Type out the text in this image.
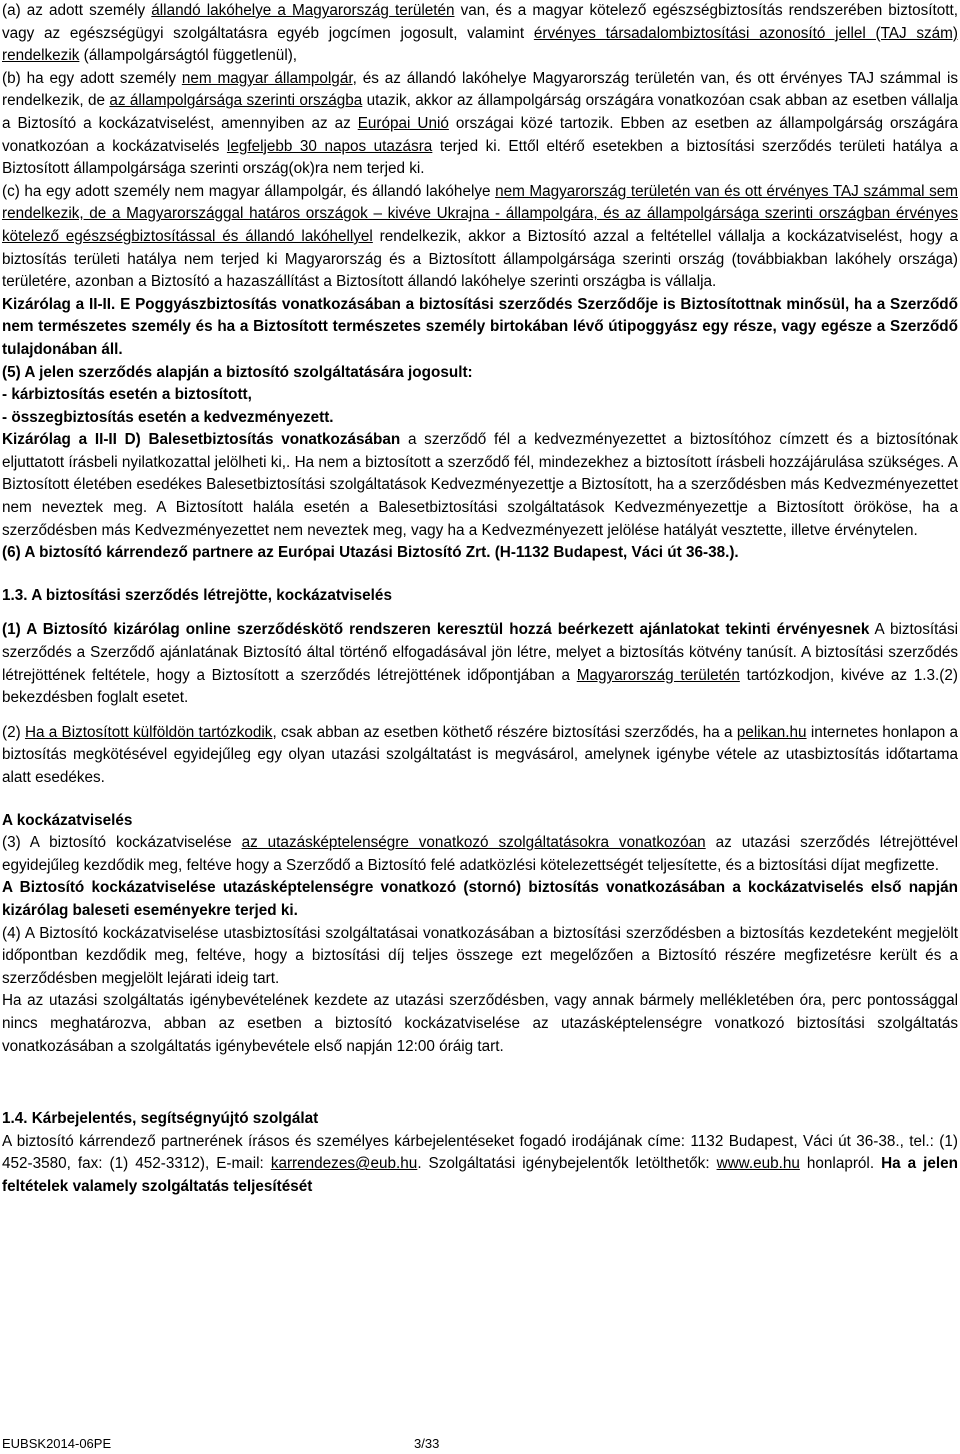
(a) az adott személy állandó lakóhelye a Magyarország területén van, és a magyar kötelező egészségbiztosítás rendszerében biztosított, vagy az egészségügyi szolgáltatásra egyéb jogcímen jogosult, valamint érvényes társadalombiztosítási azonosító jellel (TAJ szám) rendelkezik (állampolgárságtól függetlenül),

(b) ha egy adott személy nem magyar állampolgár, és az állandó lakóhelye Magyarország területén van, és ott érvényes TAJ számmal is rendelkezik, de az állampolgársága szerinti országba utazik, akkor az állampolgárság országára vonatkozóan csak abban az esetben vállalja a Biztosító a kockázatviselést, amennyiben az az Európai Unió országai közé tartozik. Ebben az esetben az állampolgárság országára vonatkozóan a kockázatviselés legfeljebb 30 napos utazásra terjed ki. Ettől eltérő esetekben a biztosítási szerződés területi hatálya a Biztosított állampolgársága szerinti ország(ok)ra nem terjed ki.

(c) ha egy adott személy nem magyar állampolgár, és állandó lakóhelye nem Magyarország területén van és ott érvényes TAJ számmal sem rendelkezik, de a Magyarországgal határos országok – kivéve Ukrajna - állampolgára, és az állampolgársága szerinti országban érvényes kötelező egészségbiztosítással és állandó lakóhellyel rendelkezik, akkor a Biztosító azzal a feltétellel vállalja a kockázatviselést, hogy a biztosítás területi hatálya nem terjed ki Magyarország és a Biztosított állampolgársága szerinti ország (továbbiakban lakóhely országa) területére, azonban a Biztosító a hazaszállítást a Biztosított állandó lakóhelye szerinti országba is vállalja.

Kizárólag a II-II. E Poggyászbiztosítás vonatkozásában a biztosítási szerződés Szerződője is Biztosítottnak minősül, ha a Szerződő nem természetes személy és ha a Biztosított természetes személy birtokában lévő útipoggyász egy része, vagy egésze a Szerződő tulajdonában áll.

(5) A jelen szerződés alapján a biztosító szolgáltatására jogosult:

- kárbiztosítás esetén a biztosított,

- összegbiztosítás esetén a kedvezményezett.

Kizárólag a II-II D) Balesetbiztosítás vonatkozásában a szerződő fél a kedvezményezettet a biztosítóhoz címzett és a biztosítónak eljuttatott írásbeli nyilatkozattal jelölheti ki,. Ha nem a biztosított a szerződő fél, mindezekhez a biztosított írásbeli hozzájárulása szükséges. A Biztosított életében esedékes Balesetbiztosítási szolgáltatások Kedvezményezettje a Biztosított, ha a szerződésben más Kedvezményezettet nem neveztek meg. A Biztosított halála esetén a Balesetbiztosítási szolgáltatások Kedvezményezettje a Biztosított örököse, ha a szerződésben más Kedvezményezettet nem neveztek meg, vagy ha a Kedvezményezett jelölése hatályát vesztette, illetve érvénytelen.

(6) A biztosító kárrendező partnere az Európai Utazási Biztosító Zrt. (H-1132 Budapest, Váci út 36-38.).

1.3. A biztosítási szerződés létrejötte, kockázatviselés

(1) A Biztosító kizárólag online szerződéskötő rendszeren keresztül hozzá beérkezett ajánlatokat tekinti érvényesnek A biztosítási szerződés a Szerződő ajánlatának Biztosító által történő elfogadásával jön létre, melyet a biztosítás kötvény tanúsít. A biztosítási szerződés létrejöttének feltétele, hogy a Biztosított a szerződés létrejöttének időpontjában a Magyarország területén tartózkodjon, kivéve az 1.3.(2) bekezdésben foglalt esetet.

(2) Ha a Biztosított külföldön tartózkodik, csak abban az esetben köthető részére biztosítási szerződés, ha a pelikan.hu internetes honlapon a biztosítás megkötésével egyidejűleg egy olyan utazási szolgáltatást is megvásárol, amelynek igénybe vétele az utasbiztosítás időtartama alatt esedékes.

A kockázatviselés

(3) A biztosító kockázatviselése az utazásképtelenségre vonatkozó szolgáltatásokra vonatkozóan az utazási szerződés létrejöttével egyidejűleg kezdődik meg, feltéve hogy a Szerződő a Biztosító felé adatközlési kötelezettségét teljesítette, és a biztosítási díjat megfizette.

A Biztosító kockázatviselése utazásképtelenségre vonatkozó (stornó) biztosítás vonatkozásában a kockázatviselés első napján kizárólag baleseti eseményekre terjed ki.

(4) A Biztosító kockázatviselése utasbiztosítási szolgáltatásai vonatkozásában a biztosítási szerződésben a biztosítás kezdeteként megjelölt időpontban kezdődik meg, feltéve, hogy a biztosítási díj teljes összege ezt megelőzően a Biztosító részére megfizetésre került és a szerződésben megjelölt lejárati ideig tart.

Ha az utazási szolgáltatás igénybevételének kezdete az utazási szerződésben, vagy annak bármely mellékletében óra, perc pontossággal nincs meghatározva, abban az esetben a biztosító kockázatviselése az utazásképtelenségre vonatkozó biztosítási szolgáltatás vonatkozásában a szolgáltatás igénybevétele első napján 12:00 óráig tart.

1.4. Kárbejelentés, segítségnyújtó szolgálat

A biztosító kárrendező partnerének írásos és személyes kárbejelentéseket fogadó irodájának címe: 1132 Budapest, Váci út 36-38., tel.: (1) 452-3580, fax: (1) 452-3312), E-mail: karrendezes@eub.hu. Szolgáltatási igénybejelentők letölthetők: www.eub.hu honlapról. Ha a jelen feltételek valamely szolgáltatás teljesítését

EUBSK2014-06PE	3/33
